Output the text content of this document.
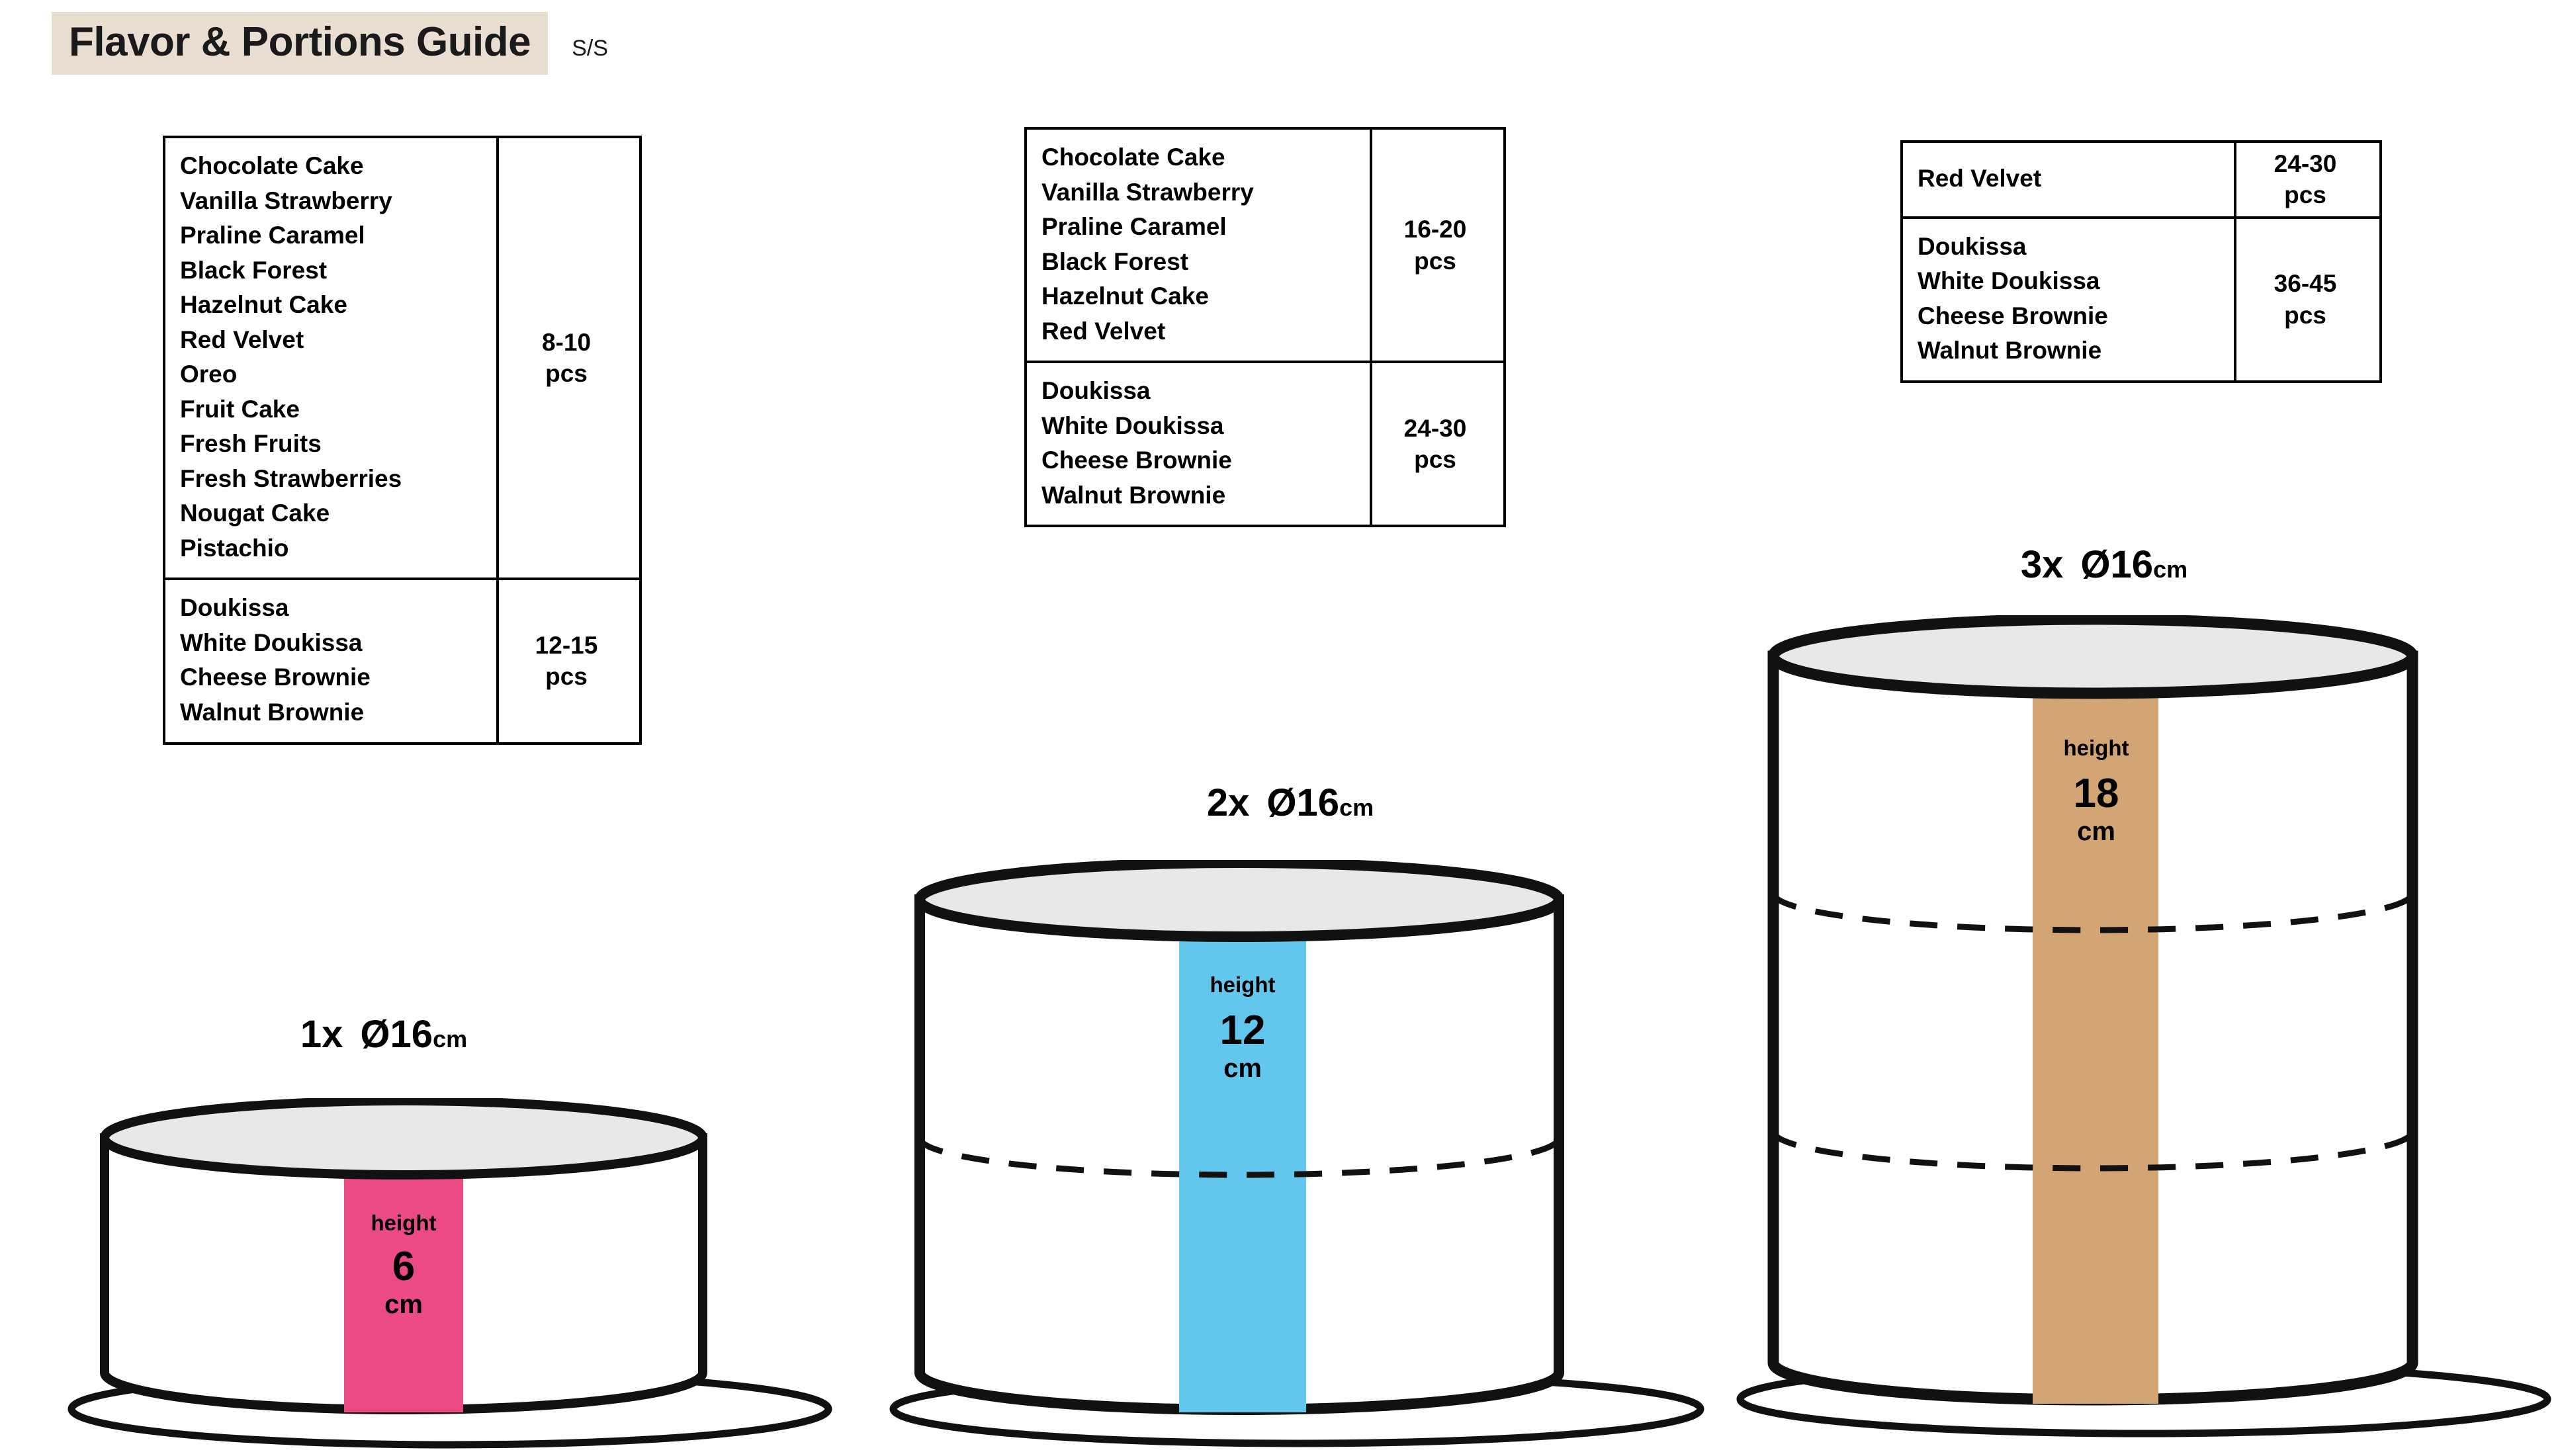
Flavor & Portions Guide	S/S
Chocolate Cake
Vanilla Strawberry
Praline Caramel
Black Forest
Hazelnut Cake
Red Velvet
Oreo
Fruit Cake
Fresh Fruits
Fresh Strawberries
Nougat Cake
Pistachio
8-10
pcs
Doukissa
White Doukissa
Cheese Brownie
Walnut Brownie
12-15
pcs
Chocolate Cake
Vanilla Strawberry
Praline Caramel
Black Forest
Hazelnut Cake
Red Velvet
16-20
pcs
Doukissa
White Doukissa
Cheese Brownie
Walnut Brownie
24-30
pcs
Red Velvet
24-30
pcs
Doukissa
White Doukissa
Cheese Brownie
Walnut Brownie
36-45
pcs
1x Ø16cm
2x Ø16cm
3x Ø16cm
height
6
cm
height
12
cm
height
18
cm
